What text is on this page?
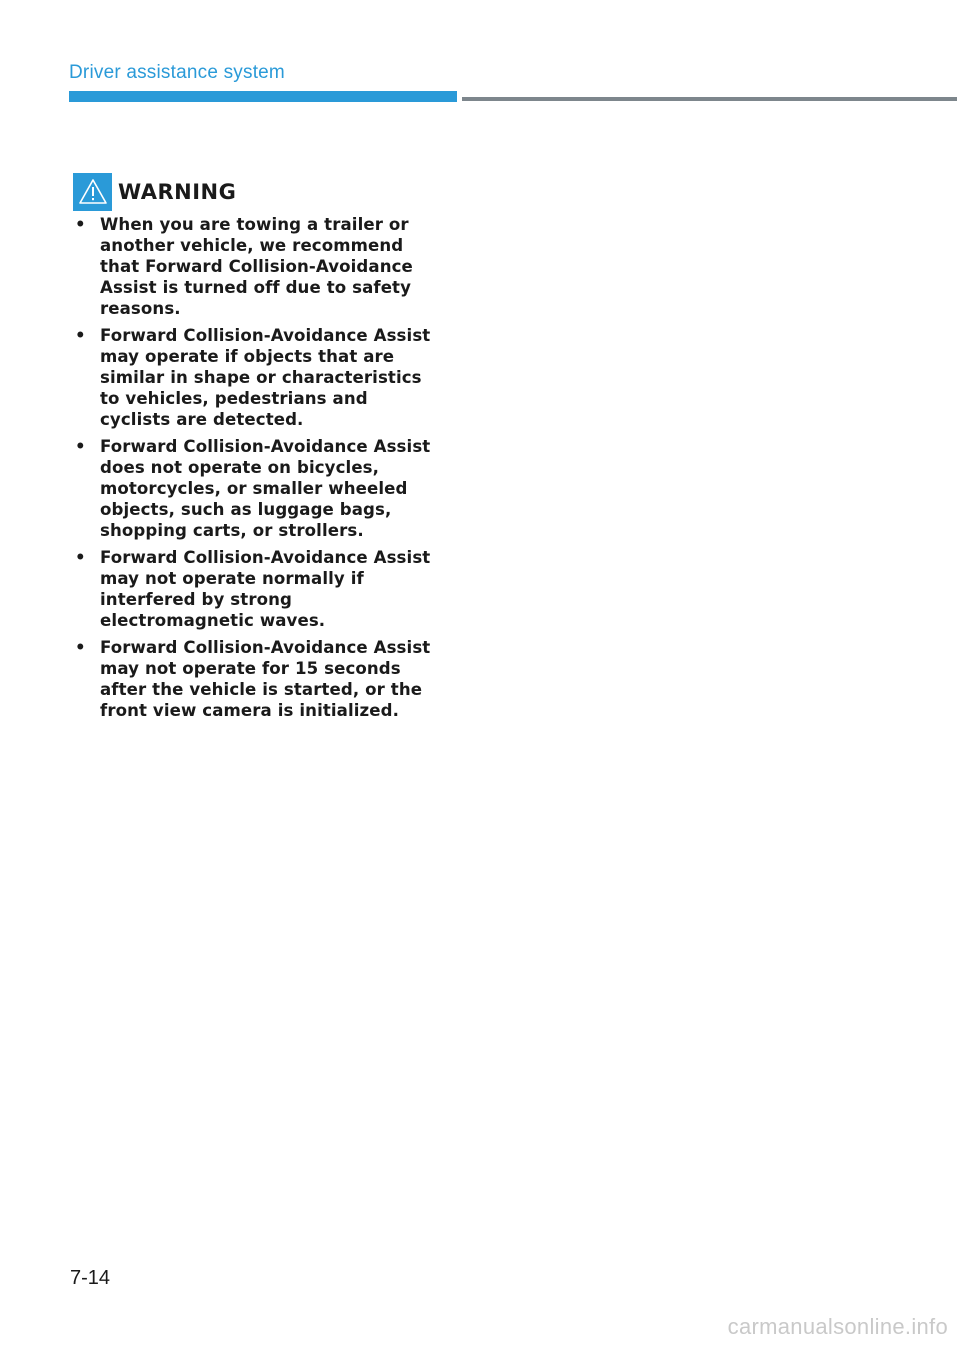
Driver assistance system
WARNING
• When you are towing a trailer or another vehicle, we recommend that Forward Collision-Avoidance Assist is turned off due to safety reasons.
• Forward Collision-Avoidance Assist may operate if objects that are similar in shape or characteristics to vehicles, pedestrians and cyclists are detected.
• Forward Collision-Avoidance Assist does not operate on bicycles, motorcycles, or smaller wheeled objects, such as luggage bags, shopping carts, or strollers.
• Forward Collision-Avoidance Assist may not operate normally if interfered by strong electromagnetic waves.
• Forward Collision-Avoidance Assist may not operate for 15 seconds after the vehicle is started, or the front view camera is initialized.
7-14
carmanualsonline.info
